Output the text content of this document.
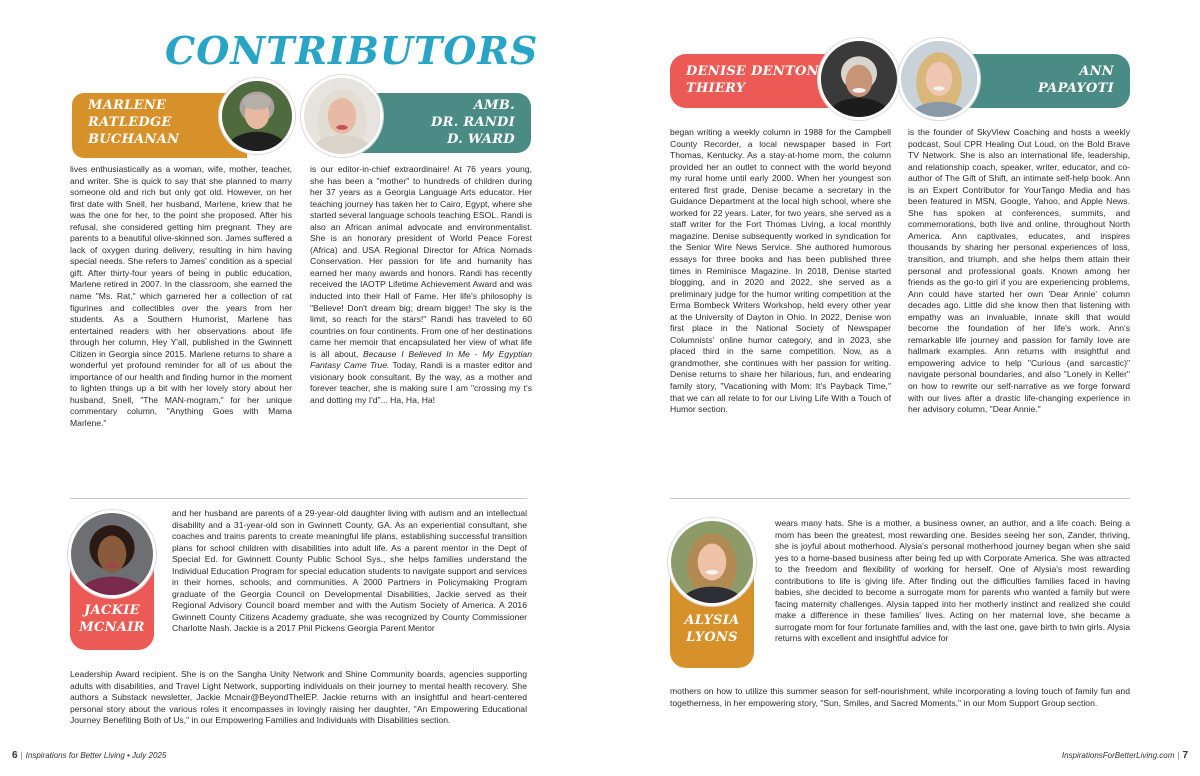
CONTRIBUTORS
MARLENE
RATLEDGE
BUCHANAN
lives enthusiastically as a woman, wife, mother, teacher, and writer. She is quick to say that she planned to marry someone old and rich but only got old. However, on her first date with Snell, her husband, Marlene, knew that he was the one for her, to the point she proposed. After his refusal, she considered getting him pregnant. They are parents to a beautiful olive-skinned son. James suffered a lack of oxygen during delivery, resulting in him having special needs. She refers to James' condition as a special gift. After thirty-four years of being in public education, Marlene retired in 2007. In the classroom, she earned the name "Ms. Rat," which garnered her a collection of rat figurines and collectibles over the years from her students. As a Southern Humorist, Marlene has entertained readers with her observations about life through her column, Hey Y'all, published in the Gwinnett Citizen in Georgia since 2015. Marlene returns to share a wonderful yet profound reminder for all of us about the importance of our health and finding humor in the moment to lighten things up a bit with her lovely story about her husband, Snell, "The MAN-mogram," for her unique commentary column, "Anything Goes with Mama Marlene."
AMB.
DR. RANDI
D. WARD
is our editor-in-chief extraordinaire! At 76 years young, she has been a "mother" to hundreds of children during her 37 years as a Georgia Language Arts educator. Her teaching journey has taken her to Cairo, Egypt, where she started several language schools teaching ESOL. Randi is also an African animal advocate and environmentalist. She is an honorary president of World Peace Forest (Africa) and USA Regional Director for Africa Nomads Conservation. Her passion for life and humanity has earned her many awards and honors. Randi has recently received the IAOTP Lifetime Achievement Award and was inducted into their Hall of Fame. Her life's philosophy is "Believe! Don't dream big; dream bigger! The sky is the limit, so reach for the stars!" Randi has traveled to 60 countries on four continents. From one of her destinations came her memoir that encapsulated her view of what life is all about, Because I Believed In Me - My Egyptian Fantasy Came True. Today, Randi is a master editor and visionary book consultant. By the way, as a mother and forever teacher, she is making sure I am "crossing my t's and dotting my I'd"... Ha, Ha, Ha!
DENISE DENTON
THIERY
began writing a weekly column in 1988 for the Campbell County Recorder, a local newspaper based in Fort Thomas, Kentucky. As a stay-at-home mom, the column provided her an outlet to connect with the world beyond my rural home until early 2000. When her youngest son entered first grade, Denise became a secretary in the Guidance Department at the local high school, where she worked for 22 years. Later, for two years, she served as a staff writer for the Fort Thomas Living, a local monthly magazine. Denise subsequently worked in syndication for the Senior Wire News Service. She authored humorous essays for three books and has been published three times in Reminisce Magazine. In 2018, Denise started blogging, and in 2020 and 2022, she served as a preliminary judge for the humor writing competition at the Erma Bombeck Writers Workshop, held every other year at the University of Dayton in Ohio. In 2022, Denise won first place in the National Society of Newspaper Columnists' online humor category, and in 2023, she placed third in the same competition. Now, as a grandmother, she continues with her passion for writing. Denise returns to share her hilarious, fun, and endearing family story, "Vacationing with Mom: It's Payback Time," that we can all relate to for our Living Life With a Touch of Humor section.
ANN
PAPAYOTI
is the founder of SkyView Coaching and hosts a weekly podcast, Soul CPR Healing Out Loud, on the Bold Brave TV Network. She is also an international life, leadership, and relationship coach, speaker, writer, educator, and co-author of The Gift of Shift, an intimate self-help book. Ann is an Expert Contributor for YourTango Media and has been featured in MSN, Google, Yahoo, and Apple News. She has spoken at conferences, summits, and commemorations, both live and online, throughout North America. Ann captivates, educates, and inspires thousands by sharing her personal experiences of loss, transition, and triumph, and she helps them attain their personal and professional goals. Known among her friends as the go-to girl if you are experiencing problems, Ann could have started her own 'Dear Annie' column decades ago. Little did she know then that listening with empathy was an invaluable, innate skill that would become the foundation of her life's work. Ann's remarkable life journey and passion for family love are hallmark examples. Ann returns with insightful and empowering advice to help "Curious (and sarcastic)" navigate personal boundaries, and also "Lonely in Keller" on how to rewrite our self-narrative as we forge forward with our lives after a drastic life-changing experience in her advisory column, "Dear Annie."
JACKIE
MCNAIR
and her husband are parents of a 29-year-old daughter living with autism and an intellectual disability and a 31-year-old son in Gwinnett County, GA. As an experiential consultant, she coaches and trains parents to create meaningful life plans, establishing successful transition plans for school children with disabilities into adult life. As a parent mentor in the Dept of Special Ed. for Gwinnett County Public School Sys., she helps families understand the Individual Education Program for special education students to navigate support and services in their homes, schools, and communities. A 2000 Partners in Policymaking Program graduate of the Georgia Council on Developmental Disabilities, Jackie served as their Regional Advisory Council board member and with the Autism Society of America. A 2016 Gwinnett County Citizens Academy graduate, she was recognized by County Commissioner Charlotte Nash. Jackie is a 2017 Phil Pickens Georgia Parent Mentor
Leadership Award recipient. She is on the Sangha Unity Network and Shine Community boards, agencies supporting adults with disabilities, and Travel Light Network, supporting individuals on their journey to mental health recovery. She authors a Substack newsletter, Jackie Mcnair@BeyondTheIEP. Jackie returns with an insightful and heart-centered personal story about the various roles it encompasses in lovingly raising her daughter, "An Empowering Educational Journey Benefiting Both of Us," in our Empowering Families and Individuals with Disabilities section.
ALYSIA
LYONS
wears many hats. She is a mother, a business owner, an author, and a life coach. Being a mom has been the greatest, most rewarding one. Besides seeing her son, Zander, thriving, she is joyful about motherhood. Alysia's personal motherhood journey began when she said yes to a home-based business after being fed up with Corporate America. She was attracted to the freedom and flexibility of working for herself. One of Alysia's most rewarding contributions to life is giving life. After finding out the difficulties families faced in having babies, she decided to become a surrogate mom for parents who wanted a family but were facing maternity challenges. Alysia tapped into her motherly instinct and realized she could make a difference in these families' lives. Acting on her maternal love, she became a surrogate mom for four fortunate families and, with the last one, gave birth to twin girls. Alysia returns with excellent and insightful advice for
mothers on how to utilize this summer season for self-nourishment, while incorporating a loving touch of family fun and togetherness, in her empowering story, "Sun, Smiles, and Sacred Moments," in our Mom Support Group section.
6 | Inspirations for Better Living • July 2025	InspirationsForBetterLiving.com | 7
